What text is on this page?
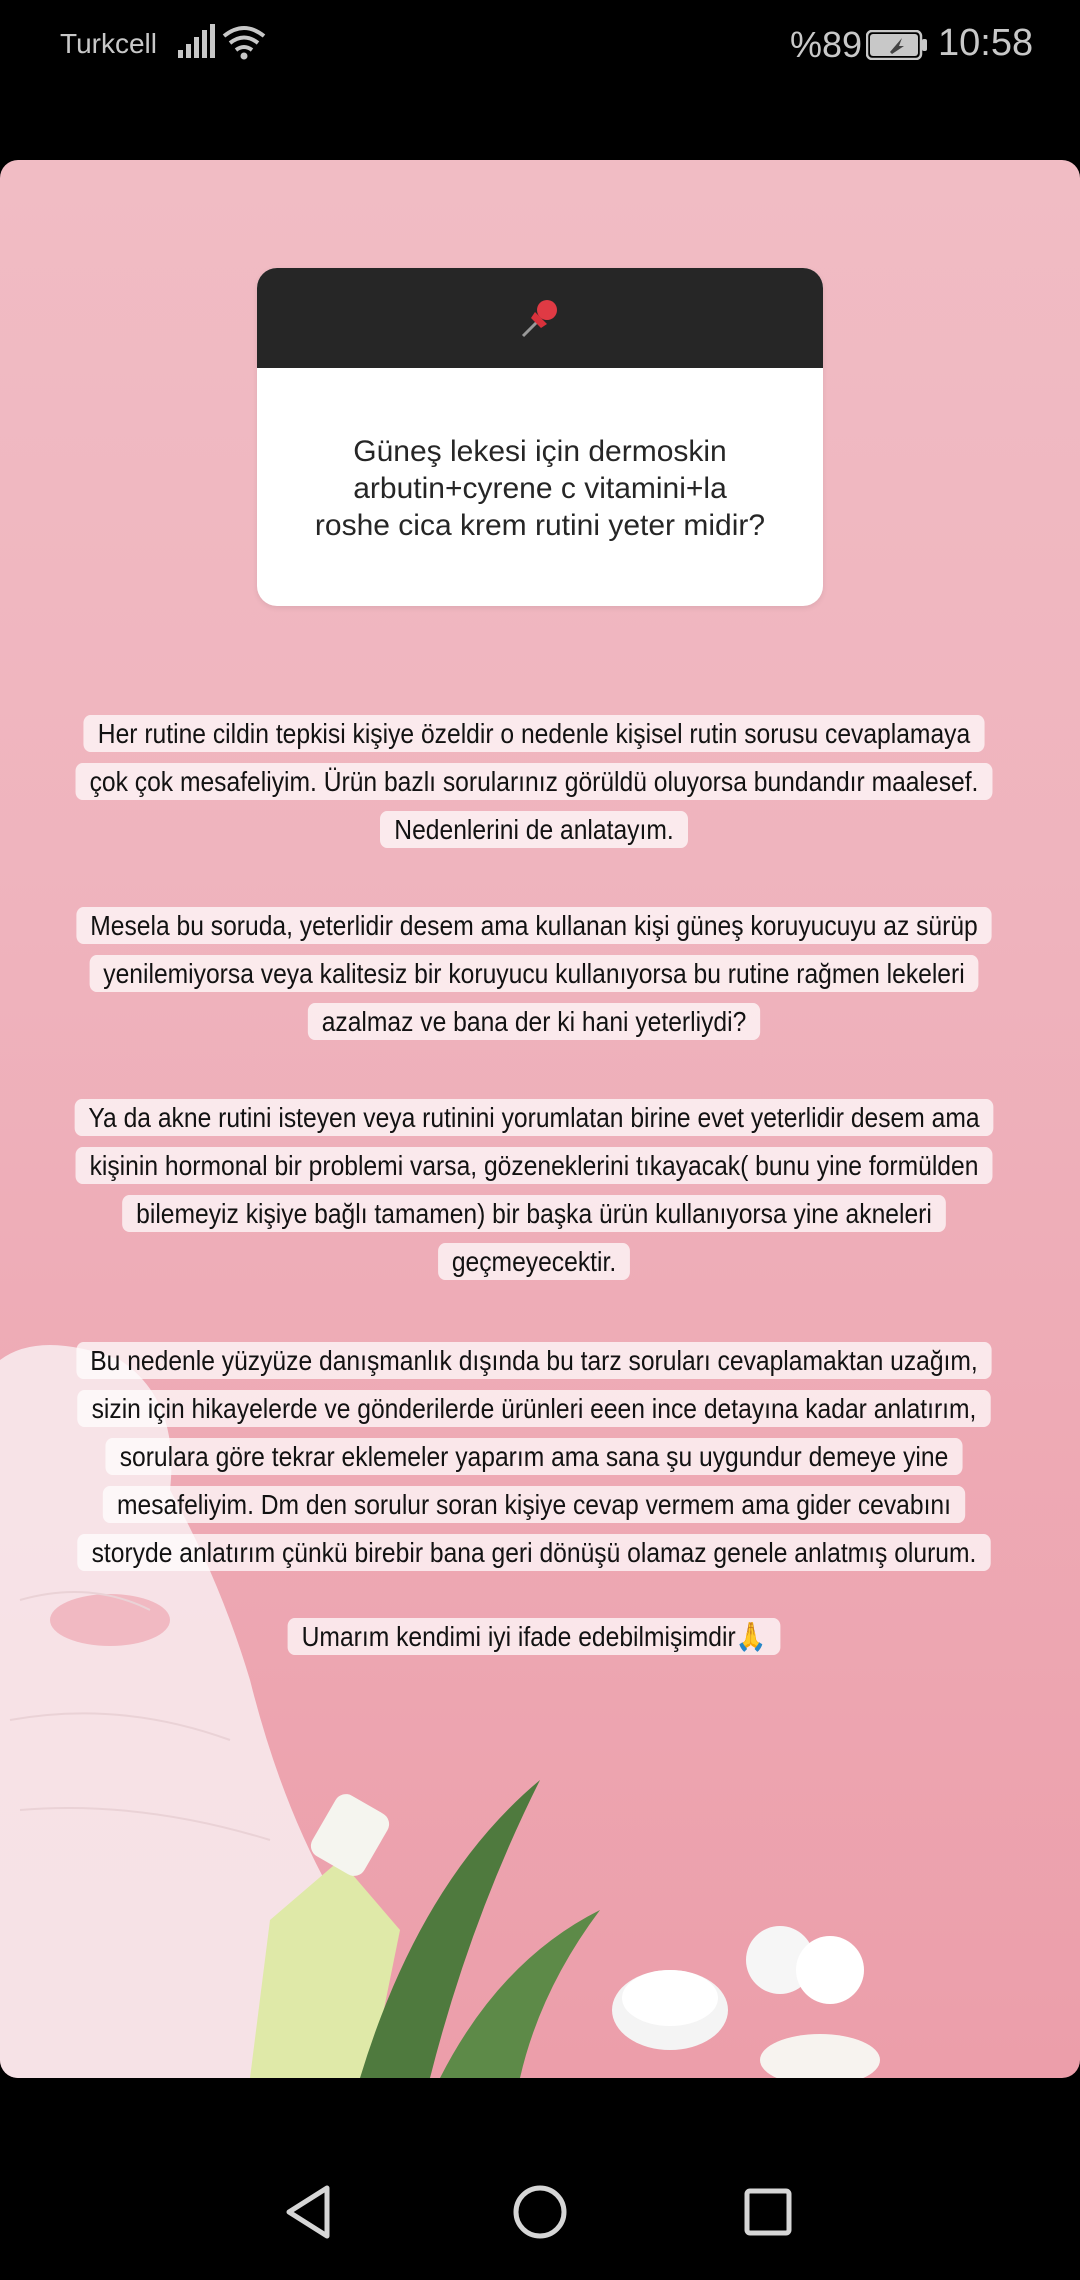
Turkcell	%89 10:58
Güneş lekesi için dermoskin
arbutin+cyrene c vitamini+la
roshe cica krem rutini yeter midir?
Her rutine cildin tepkisi kişiye özeldir o nedenle kişisel rutin sorusu cevaplamaya
çok çok mesafeliyim. Ürün bazlı sorularınız görüldü oluyorsa bundandır maalesef.
Nedenlerini de anlatayım.
Mesela bu soruda, yeterlidir desem ama kullanan kişi güneş koruyucuyu az sürüp
yenilemiyorsa veya kalitesiz bir koruyucu kullanıyorsa bu rutine rağmen lekeleri
azalmaz ve bana der ki hani yeterliydi?
Ya da akne rutini isteyen veya rutinini yorumlatan birine evet yeterlidir desem ama
kişinin hormonal bir problemi varsa, gözeneklerini tıkayacak( bunu yine formülden
bilemeyiz kişiye bağlı tamamen) bir başka ürün kullanıyorsa yine akneleri
geçmeyecektir.
Bu nedenle yüzyüze danışmanlık dışında bu tarz soruları cevaplamaktan uzağım,
sizin için hikayelerde ve gönderilerde ürünleri eeen ince detayına kadar anlatırım,
sorulara göre tekrar eklemeler yaparım ama sana şu uygundur demeye yine
mesafeliyim. Dm den sorulur soran kişiye cevap vermem ama gider cevabını
storyde anlatırım çünkü birebir bana geri dönüşü olamaz genele anlatmış olurum.
Umarım kendimi iyi ifade edebilmişimdir🙏
